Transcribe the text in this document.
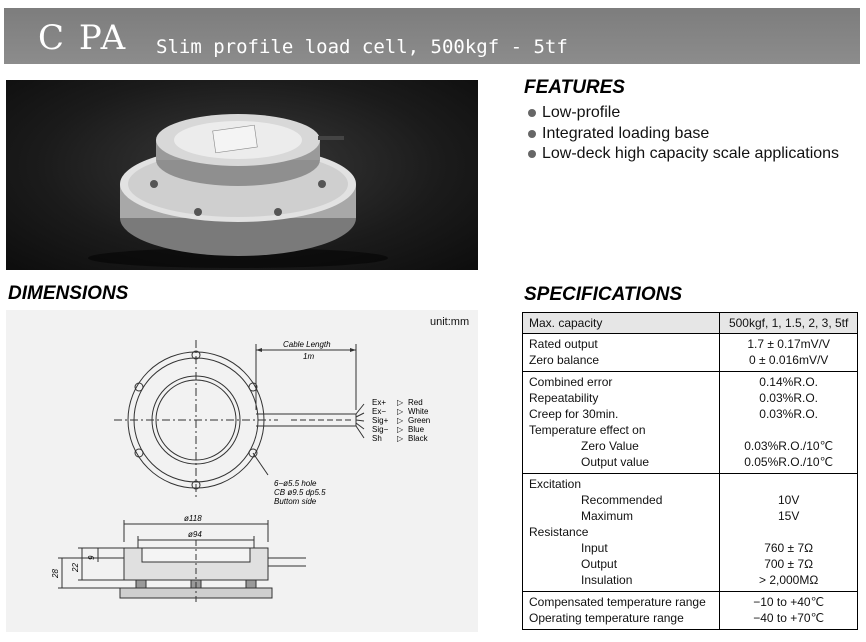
C PA Slim profile load cell, 500kgf - 5tf
FEATURES
Low-profile
Integrated loading base
Low-deck high capacity scale applications
DIMENSIONS
Cable Length
1m
Ex+
Ex−
Sig+
Sig−
Sh
▷
▷
▷
▷
▷
Red
White
Green
Blue
Black
6−ø5.5 hole
CB ø9.5 dp5.5
Buttom side
ø118
ø94
28
22
9
unit:mm
SPECIFICATIONS
Max. capacity	500kgf, 1, 1.5, 2, 3, 5tf
Rated output	1.7 ± 0.17mV/V
Zero balance	0 ± 0.016mV/V
Combined error	0.14%R.O.
Repeatability	0.03%R.O.
Creep for 30min.	0.03%R.O.
Temperature effect on	
Zero Value	0.03%R.O./10℃
Output value	0.05%R.O./10℃
Excitation	
Recommended	10V
Maximum	15V
Resistance	
Input	760 ± 7Ω
Output	700 ± 7Ω
Insulation	> 2,000MΩ
Compensated temperature range	−10 to +40℃
Operating temperature range	−40 to +70℃
